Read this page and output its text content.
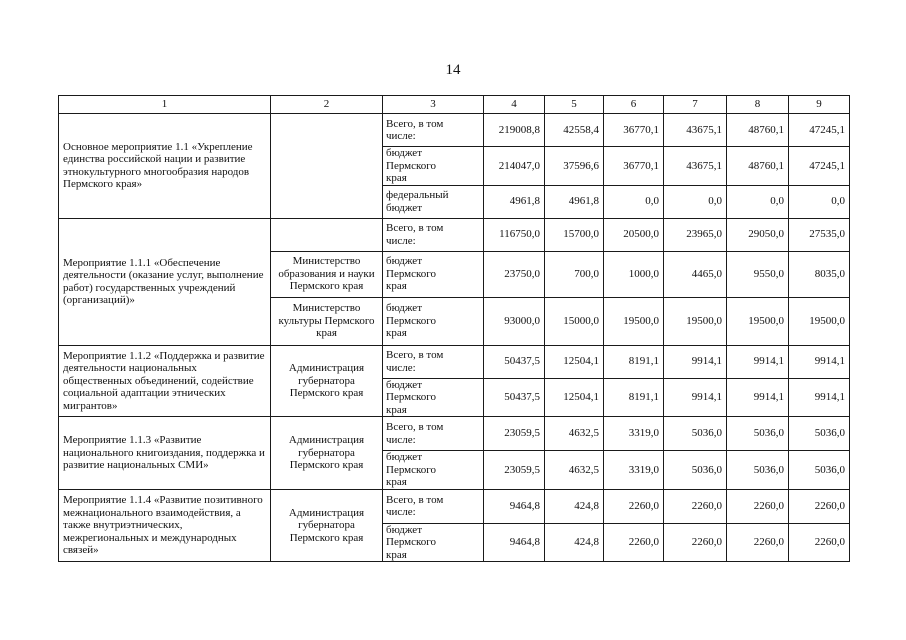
14
1	2	3	4	5	6	7	8	9
Основное мероприятие 1.1 «Укрепление единства российской нации и развитие этнокультурного многообразия народов Пермского края»		Всего, в том числе:	219008,8	42558,4	36770,1	43675,1	48760,1	47245,1
		бюджет Пермского края	214047,0	37596,6	36770,1	43675,1	48760,1	47245,1
		федеральный бюджет	4961,8	4961,8	0,0	0,0	0,0	0,0
Мероприятие 1.1.1 «Обеспечение деятельности (оказание услуг, выполнение работ) государственных учреждений (организаций)»		Всего, в том числе:	116750,0	15700,0	20500,0	23965,0	29050,0	27535,0
	Министерство образования и науки Пермского края	бюджет Пермского края	23750,0	700,0	1000,0	4465,0	9550,0	8035,0
	Министерство культуры Пермского края	бюджет Пермского края	93000,0	15000,0	19500,0	19500,0	19500,0	19500,0
Мероприятие 1.1.2 «Поддержка и развитие деятельности национальных общественных объединений, содействие социальной адаптации этнических мигрантов»	Администрация губернатора Пермского края	Всего, в том числе:	50437,5	12504,1	8191,1	9914,1	9914,1	9914,1
		бюджет Пермского края	50437,5	12504,1	8191,1	9914,1	9914,1	9914,1
Мероприятие 1.1.3 «Развитие национального книгоиздания, поддержка и развитие национальных СМИ»	Администрация губернатора Пермского края	Всего, в том числе:	23059,5	4632,5	3319,0	5036,0	5036,0	5036,0
		бюджет Пермского края	23059,5	4632,5	3319,0	5036,0	5036,0	5036,0
Мероприятие 1.1.4 «Развитие позитивного межнационального взаимодействия, а также внутриэтнических, межрегиональных и международных связей»	Администрация губернатора Пермского края	Всего, в том числе:	9464,8	424,8	2260,0	2260,0	2260,0	2260,0
		бюджет Пермского края	9464,8	424,8	2260,0	2260,0	2260,0	2260,0
